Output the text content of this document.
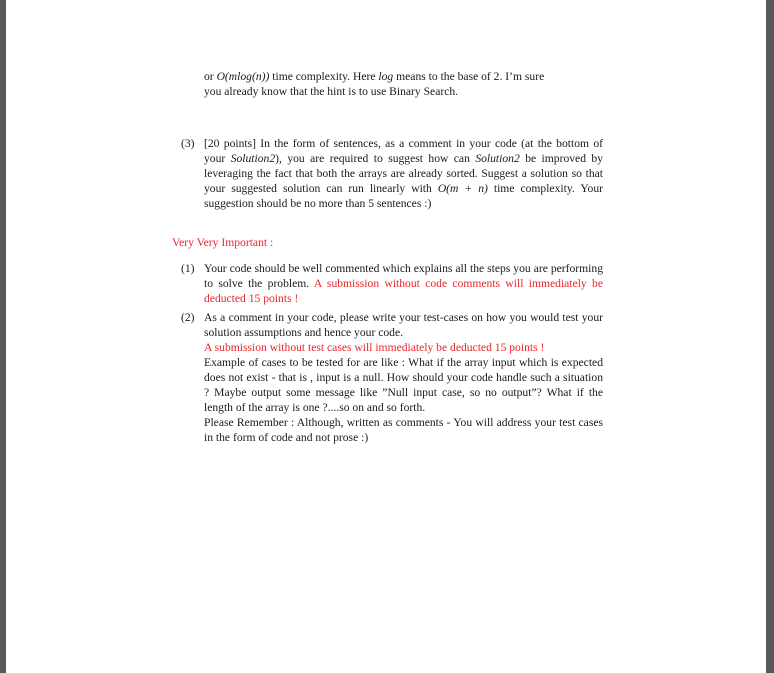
or O(mlog(n)) time complexity. Here log means to the base of 2. I’m sure

you already know that the hint is to use Binary Search.

(3) [20 points] In the form of sentences, as a comment in your code (at the bottom of your Solution2), you are required to suggest how can Solution2 be improved by leveraging the fact that both the arrays are already sorted. Suggest a solution so that your suggested solution can run linearly with O(m + n) time complexity. Your suggestion should be no more than 5 sentences :)
Very Very Important :
(1) Your code should be well commented which explains all the steps you are performing to solve the problem. A submission without code comments will immediately be deducted 15 points !
(2) As a comment in your code, please write your test-cases on how you would test your solution assumptions and hence your code.

A submission without test cases will immediately be deducted 15 points !

Example of cases to be tested for are like : What if the array input which is expected does not exist - that is , input is a null. How should your code handle such a situation ? Maybe output some message like ”Null input case, so no output”? What if the length of the array is one ?....so on and so forth.

Please Remember : Although, written as comments - You will address your test cases in the form of code and not prose :)
